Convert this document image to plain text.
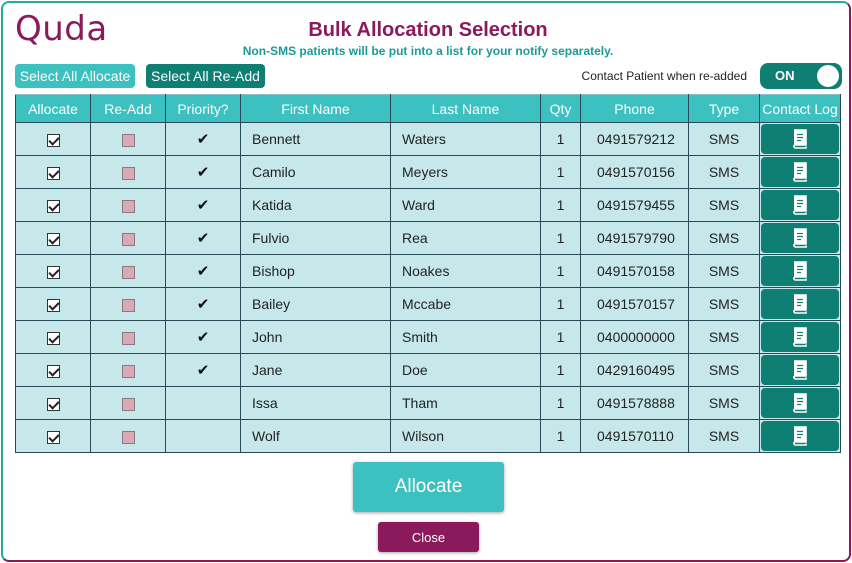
Quda	Bulk Allocation Selection
Non-SMS patients will be put into a list for your notify separately.
Select All Allocate	Select All Re-Add	Contact Patient when re-added ON
Allocate	Re-Add	Priority?	First Name	Last Name	Qty	Phone	Type	Contact Log
		✔	Bennett	Waters	1	0491579212	SMS	

		✔	Camilo	Meyers	1	0491570156	SMS	

		✔	Katida	Ward	1	0491579455	SMS	

		✔	Fulvio	Rea	1	0491579790	SMS	

		✔	Bishop	Noakes	1	0491570158	SMS	

		✔	Bailey	Mccabe	1	0491570157	SMS	

		✔	John	Smith	1	0400000000	SMS	

		✔	Jane	Doe	1	0429160495	SMS	

			Issa	Tham	1	0491578888	SMS	

			Wolf	Wilson	1	0491570110	SMS	
Allocate
Close
